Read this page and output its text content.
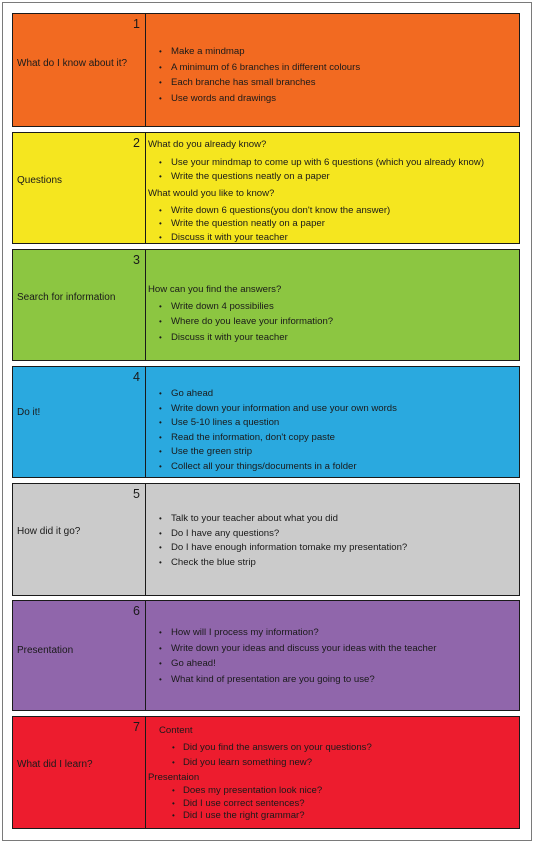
1
What do I know about it?
• Make a mindmap
• A minimum of 6 branches in different colours
• Each branche has small branches
• Use words and drawings
2
Questions
What do you already know?
• Use your mindmap to come up with 6 questions (which you already know)
• Write the questions neatly on a paper
What would you like to know?
• Write down 6 questions(you don't know the answer)
• Write the question neatly on a paper
• Discuss it with your teacher
3
Search for information
How can you find the answers?
• Write down 4 possibilies
• Where do you leave your information?
• Discuss it with your teacher
4
Do it!
• Go ahead
• Write down your information and use your own words
• Use 5-10 lines a question
• Read the information, don't copy paste
• Use the green strip
• Collect all your things/documents in a folder
5
How did it go?
• Talk to your teacher about what you did
• Do I have any questions?
• Do I have enough information tomake my presentation?
• Check the blue strip
6
Presentation
• How will I process my information?
• Write down your ideas and discuss your ideas with the teacher
• Go ahead!
• What kind of presentation are you going to use?
7
What did I learn?
Content
• Did you find the answers on your questions?
• Did you learn something new?
Presentaion
• Does my presentation look nice?
• Did I use correct sentences?
• Did I use the right grammar?
